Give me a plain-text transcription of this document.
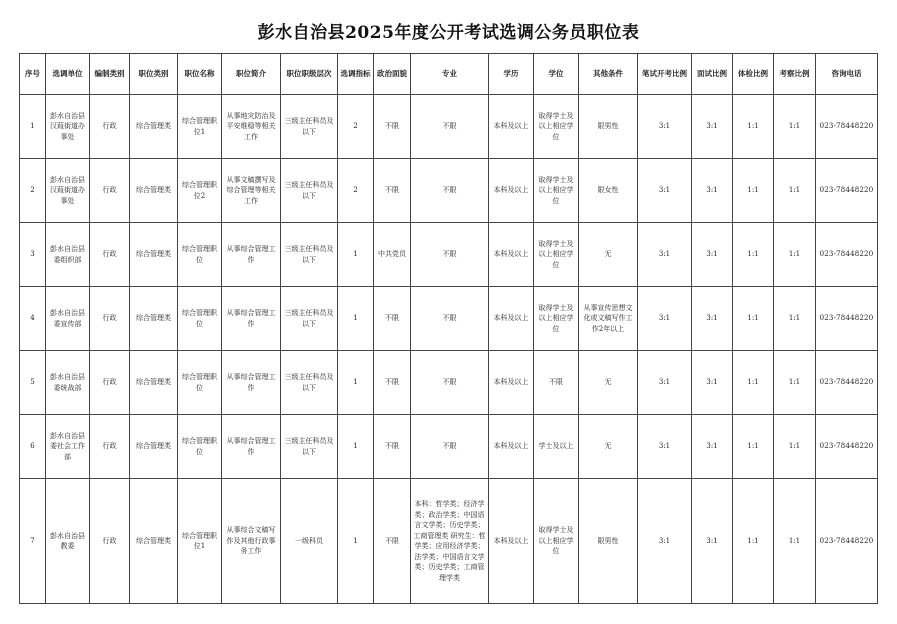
彭水自治县2025年度公开考试选调公务员职位表
序号	选调单位	编制类别	职位类别	职位名称	职位简介	职位职级层次	选调指标	政治面貌	专业	学历	学位	其他条件	笔试开考比例	面试比例	体检比例	考察比例	咨询电话
1	彭水自治县汉葭街道办事处	行政	综合管理类	综合管理职位1	从事地灾防治及平安维稳等相关工作	三级主任科员及以下	2	不限	不限	本科及以上	取得学士及以上相应学位	限男性	3:1	3:1	1:1	1:1	023-78448220
2	彭水自治县汉葭街道办事处	行政	综合管理类	综合管理职位2	从事文稿撰写及综合管理等相关工作	三级主任科员及以下	2	不限	不限	本科及以上	取得学士及以上相应学位	限女性	3:1	3:1	1:1	1:1	023-78448220
3	彭水自治县委组织部	行政	综合管理类	综合管理职位	从事综合管理工作	三级主任科员及以下	1	中共党员	不限	本科及以上	取得学士及以上相应学位	无	3:1	3:1	1:1	1:1	023-78448220
4	彭水自治县委宣传部	行政	综合管理类	综合管理职位	从事综合管理工作	三级主任科员及以下	1	不限	不限	本科及以上	取得学士及以上相应学位	从事宣传思想文化或文稿写作工作2年以上	3:1	3:1	1:1	1:1	023-78448220
5	彭水自治县委统战部	行政	综合管理类	综合管理职位	从事综合管理工作	三级主任科员及以下	1	不限	不限	本科及以上	不限	无	3:1	3:1	1:1	1:1	023-78448220
6	彭水自治县委社会工作部	行政	综合管理类	综合管理职位	从事综合管理工作	三级主任科员及以下	1	不限	不限	本科及以上	学士及以上	无	3:1	3:1	1:1	1:1	023-78448220
7	彭水自治县教委	行政	综合管理类	综合管理职位1	从事综合文稿写作及其他行政事务工作	一级科员	1	不限	本科：哲学类；经济学类；政治学类；中国语言文学类；历史学类；工商管理类 研究生：哲学类；应用经济学类；法学类；中国语言文学类；历史学类；工商管理学类	本科及以上	取得学士及以上相应学位	限男性	3:1	3:1	1:1	1:1	023-78448220
